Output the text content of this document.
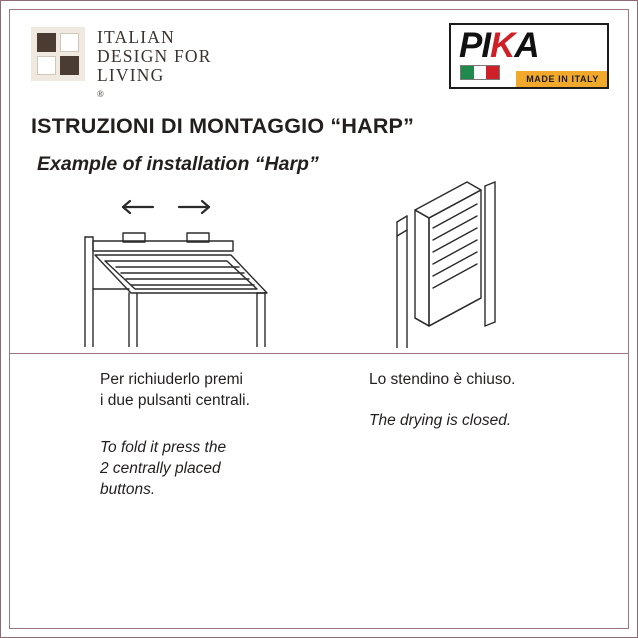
ITALIAN
DESIGN FOR
LIVING
®
PIKA
MADE IN ITALY
ISTRUZIONI DI MONTAGGIO “HARP”
Example of installation “Harp”
Per richiuderlo premi
i due pulsanti centrali.
To fold it press the
2 centrally placed
buttons.
Lo stendino è chiuso.
The drying is closed.
